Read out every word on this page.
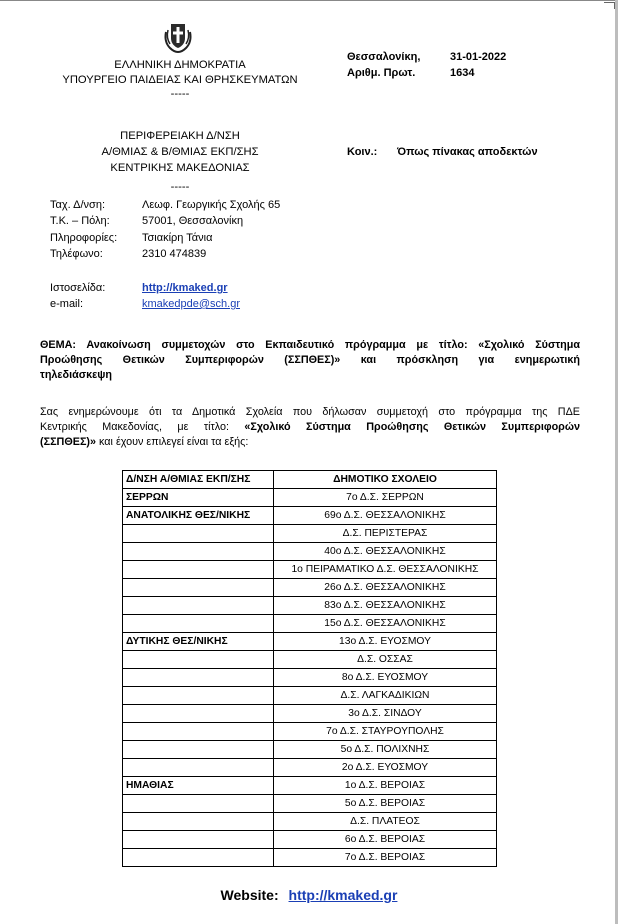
ΕΛΛΗΝΙΚΗ ΔΗΜΟΚΡΑΤΙΑ
ΥΠΟΥΡΓΕΙΟ ΠΑΙΔΕΙΑΣ ΚΑΙ ΘΡΗΣΚΕΥΜΑΤΩΝ
-----
ΠΕΡΙΦΕΡΕΙΑΚΗ Δ/ΝΣΗ
Α/ΘΜΙΑΣ & Β/ΘΜΙΑΣ ΕΚΠ/ΣΗΣ
ΚΕΝΤΡΙΚΗΣ ΜΑΚΕΔΟΝΙΑΣ
-----
Θεσσαλονίκη,	31-01-2022
Αριθμ. Πρωτ.	1634
Κοιν.: Όπως πίνακας αποδεκτών
Ταχ. Δ/νση:	Λεωφ. Γεωργικής Σχολής 65
Τ.Κ. – Πόλη:	57001, Θεσσαλονίκη
Πληροφορίες: Τσιακίρη Τάνια
Τηλέφωνο:	2310 474839
Ιστοσελίδα:	http://kmaked.gr
e-mail:	kmakedpde@sch.gr
ΘΕΜΑ: Ανακοίνωση συμμετοχών στο Εκπαιδευτικό πρόγραμμα με τίτλο: «Σχολικό Σύστημα
Προώθησης Θετικών Συμπεριφορών (ΣΣΠΘΕΣ)» και πρόσκληση για ενημερωτική
τηλεδιάσκεψη
Σας ενημερώνουμε ότι τα Δημοτικά Σχολεία που δήλωσαν συμμετοχή στο πρόγραμμα της ΠΔΕ
Κεντρικής Μακεδονίας, με τίτλο: «Σχολικό Σύστημα Προώθησης Θετικών Συμπεριφορών
(ΣΣΠΘΕΣ)» και έχουν επιλεγεί είναι τα εξής:
Δ/ΝΣΗ Α/ΘΜΙΑΣ ΕΚΠ/ΣΗΣ	ΔΗΜΟΤΙΚΟ ΣΧΟΛΕΙΟ
ΣΕΡΡΩΝ	7ο Δ.Σ. ΣΕΡΡΩΝ
ΑΝΑΤΟΛΙΚΗΣ ΘΕΣ/ΝΙΚΗΣ	69ο Δ.Σ. ΘΕΣΣΑΛΟΝΙΚΗΣ
	Δ.Σ. ΠΕΡΙΣΤΕΡΑΣ
	40ο Δ.Σ. ΘΕΣΣΑΛΟΝΙΚΗΣ
	1ο ΠΕΙΡΑΜΑΤΙΚΟ Δ.Σ. ΘΕΣΣΑΛΟΝΙΚΗΣ
	26ο Δ.Σ. ΘΕΣΣΑΛΟΝΙΚΗΣ
	83ο Δ.Σ. ΘΕΣΣΑΛΟΝΙΚΗΣ
	15ο Δ.Σ. ΘΕΣΣΑΛΟΝΙΚΗΣ
ΔΥΤΙΚΗΣ ΘΕΣ/ΝΙΚΗΣ	13ο Δ.Σ. ΕΥΟΣΜΟΥ
	Δ.Σ. ΟΣΣΑΣ
	8ο Δ.Σ. ΕΥΟΣΜΟΥ
	Δ.Σ. ΛΑΓΚΑΔΙΚΙΩΝ
	3ο Δ.Σ. ΣΙΝΔΟΥ
	7ο Δ.Σ. ΣΤΑΥΡΟΥΠΟΛΗΣ
	5ο Δ.Σ. ΠΟΛΙΧΝΗΣ
	2ο Δ.Σ. ΕΥΟΣΜΟΥ
ΗΜΑΘΙΑΣ	1ο Δ.Σ. ΒΕΡΟΙΑΣ
	5ο Δ.Σ. ΒΕΡΟΙΑΣ
	Δ.Σ. ΠΛΑΤΕΟΣ
	6ο Δ.Σ. ΒΕΡΟΙΑΣ
	7ο Δ.Σ. ΒΕΡΟΙΑΣ
Website: http://kmaked.gr
